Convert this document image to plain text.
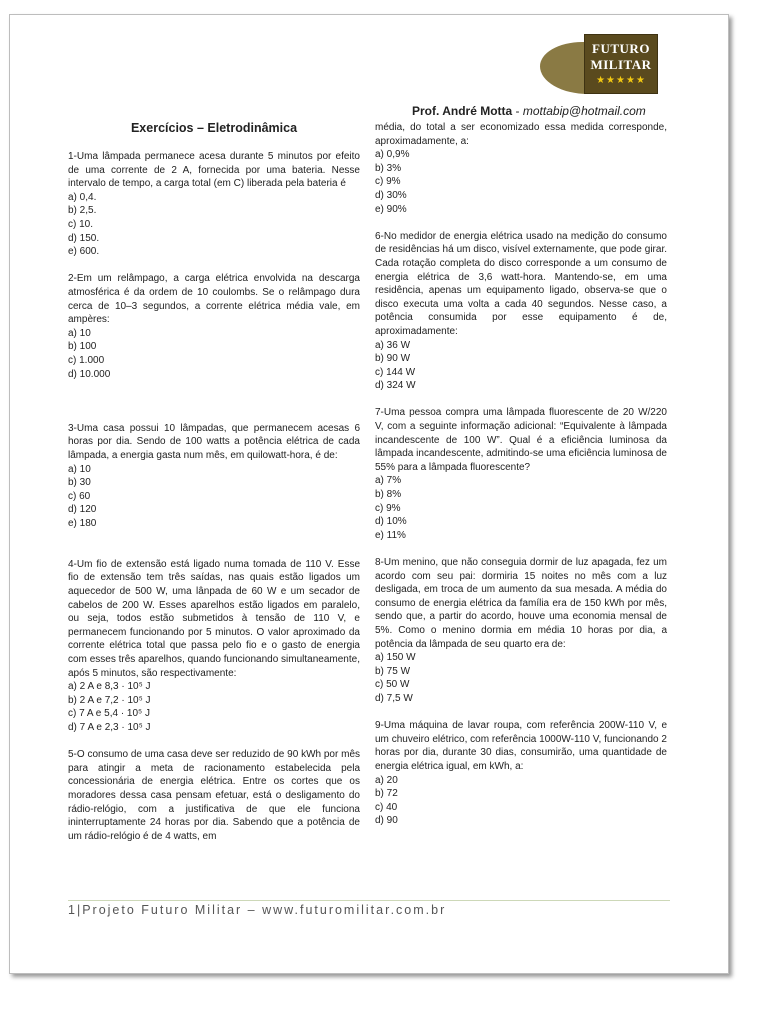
FUTURO
MILITAR
★★★★★
Prof. André Motta - mottabip@hotmail.com
Exercícios – Eletrodinâmica
1-Uma lâmpada permanece acesa durante 5 minutos por efeito de uma corrente de 2 A, fornecida por uma bateria. Nesse intervalo de tempo, a carga total (em C) liberada pela bateria é
a) 0,4.
b) 2,5.
c) 10.
d) 150.
e) 600.
2-Em um relâmpago, a carga elétrica envolvida na descarga atmosférica é da ordem de 10 coulombs. Se o relâmpago dura cerca de 10–3 segundos, a corrente elétrica média vale, em ampères:
a) 10
b) 100
c) 1.000
d) 10.000
3-Uma casa possui 10 lâmpadas, que permanecem acesas 6 horas por dia. Sendo de 100 watts a potência elétrica de cada lâmpada, a energia gasta num mês, em quilowatt-hora, é de:
a) 10
b) 30
c) 60
d) 120
e) 180
4-Um fio de extensão está ligado numa tomada de 110 V. Esse fio de extensão tem três saídas, nas quais estão ligados um aquecedor de 500 W, uma lânpada de 60 W e um secador de cabelos de 200 W. Esses aparelhos estão ligados em paralelo, ou seja, todos estão submetidos à tensão de 110 V, e permanecem funcionando por 5 minutos. O valor aproximado da corrente elétrica total que passa pelo fio e o gasto de energia com esses três aparelhos, quando funcionando simultaneamente, após 5 minutos, são respectivamente:
a) 2 A e 8,3 · 10⁵ J
b) 2 A e 7,2 · 10⁵ J
c) 7 A e 5,4 · 10⁵ J
d) 7 A e 2,3 · 10⁵ J
5-O consumo de uma casa deve ser reduzido de 90 kWh por mês para atingir a meta de racionamento estabelecida pela concessionária de energia elétrica. Entre os cortes que os moradores dessa casa pensam efetuar, está o desligamento do rádio-relógio, com a justificativa de que ele funciona ininterruptamente 24 horas por dia. Sabendo que a potência de um rádio-relógio é de 4 watts, em
média, do total a ser economizado essa medida corresponde, aproximadamente, a:
a) 0,9%
b) 3%
c) 9%
d) 30%
e) 90%
6-No medidor de energia elétrica usado na medição do consumo de residências há um disco, visível externamente, que pode girar. Cada rotação completa do disco corresponde a um consumo de energia elétrica de 3,6 watt-hora. Mantendo-se, em uma residência, apenas um equipamento ligado, observa-se que o disco executa uma volta a cada 40 segundos. Nesse caso, a potência consumida por esse equipamento é de, aproximadamente:
a) 36 W
b) 90 W
c) 144 W
d) 324 W
7-Uma pessoa compra uma lâmpada fluorescente de 20 W/220 V, com a seguinte informação adicional: “Equivalente à lâmpada incandescente de 100 W”. Qual é a eficiência luminosa da lâmpada incandescente, admitindo-se uma eficiência luminosa de 55% para a lâmpada fluorescente?
a) 7%
b) 8%
c) 9%
d) 10%
e) 11%
8-Um menino, que não conseguia dormir de luz apagada, fez um acordo com seu pai: dormiria 15 noites no mês com a luz desligada, em troca de um aumento da sua mesada. A média do consumo de energia elétrica da família era de 150 kWh por mês, sendo que, a partir do acordo, houve uma economia mensal de 5%. Como o menino dormia em média 10 horas por dia, a potência da lâmpada de seu quarto era de:
a) 150 W
b) 75 W
c) 50 W
d) 7,5 W
9-Uma máquina de lavar roupa, com referência 200W-110 V, e um chuveiro elétrico, com referência 1000W-110 V, funcionando 2 horas por dia, durante 30 dias, consumirão, uma quantidade de energia elétrica igual, em kWh, a:
a) 20
b) 72
c) 40
d) 90
1|Projeto Futuro Militar – www.futuromilitar.com.br
